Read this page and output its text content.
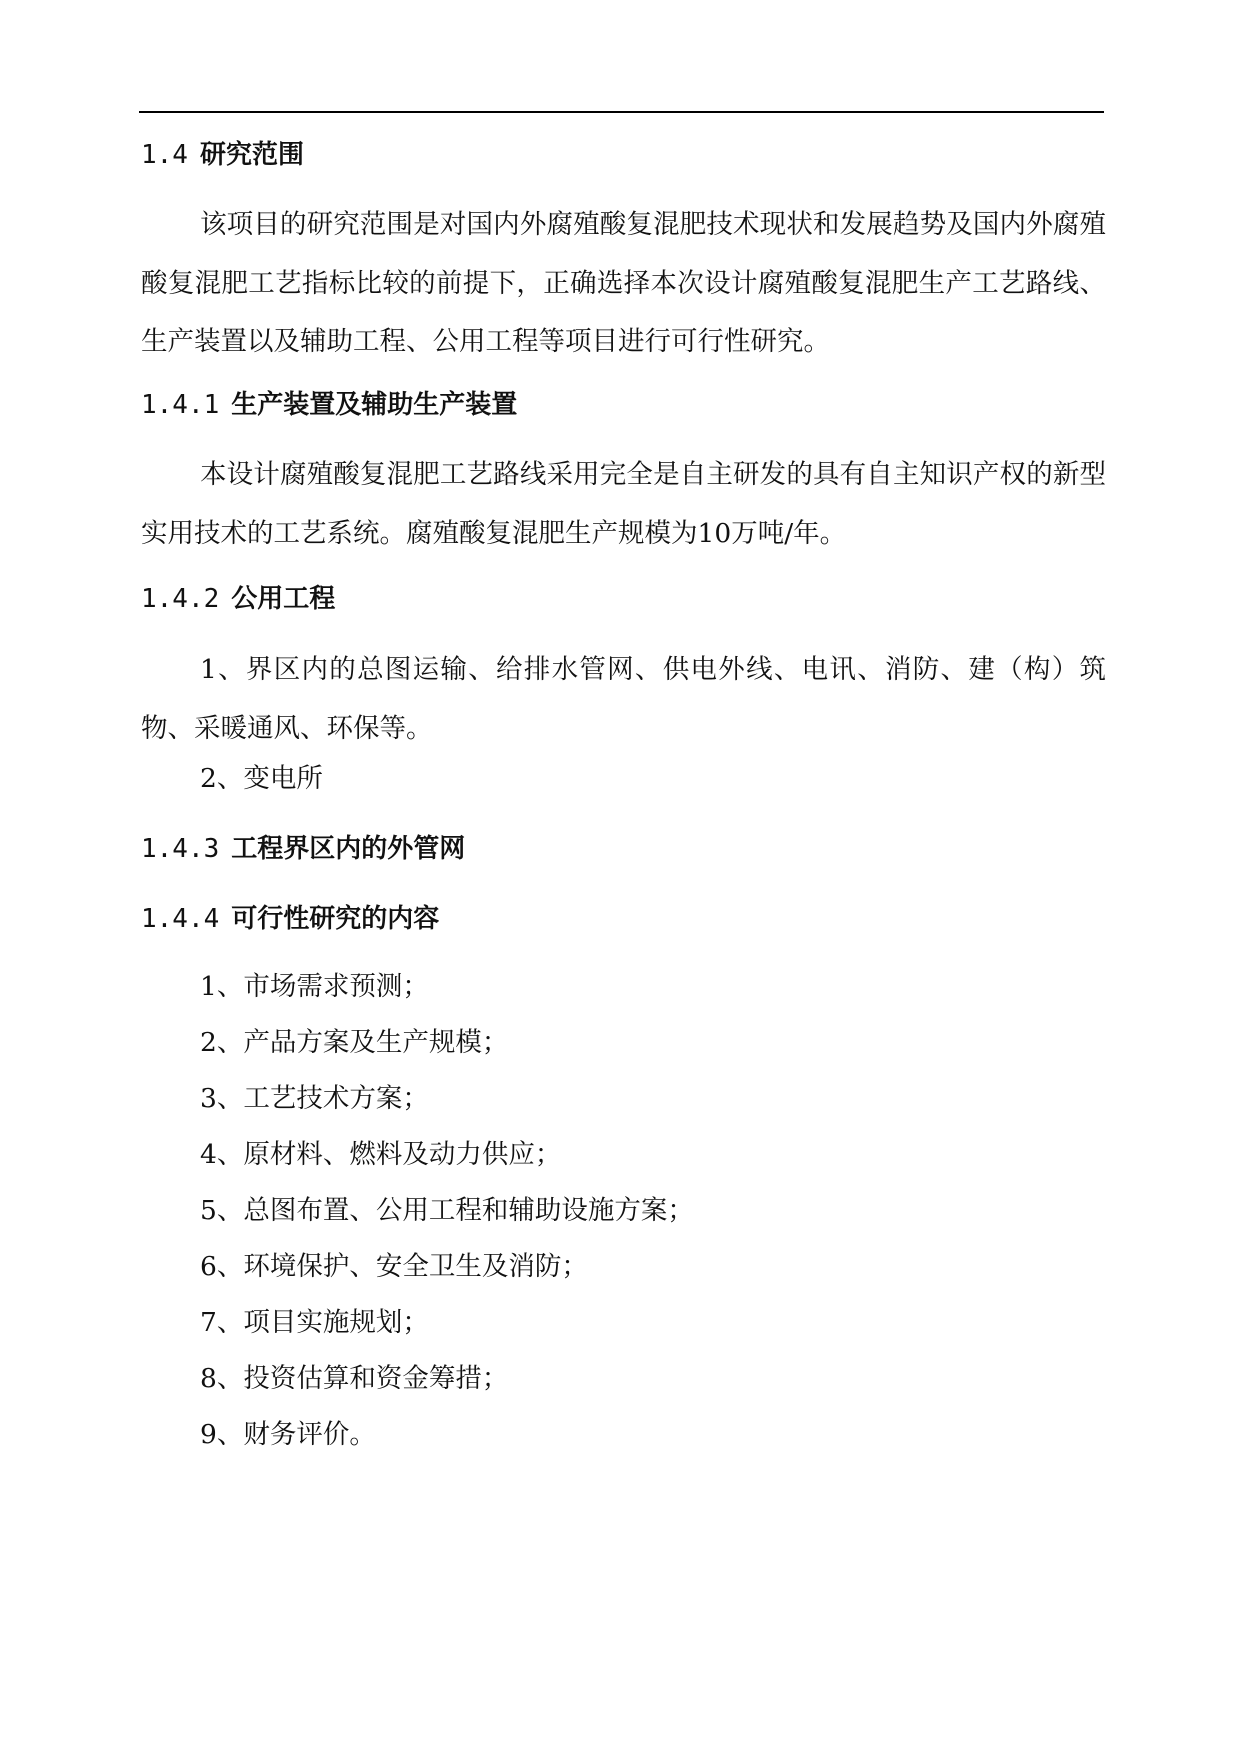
1.4 研究范围

该项目的研究范围是对国内外腐殖酸复混肥技术现状和发展趋势及国内外腐殖酸复混肥工艺指标比较的前提下，正确选择本次设计腐殖酸复混肥生产工艺路线、生产装置以及辅助工程、公用工程等项目进行可行性研究。

1.4.1 生产装置及辅助生产装置

本设计腐殖酸复混肥工艺路线采用完全是自主研发的具有自主知识产权的新型实用技术的工艺系统。腐殖酸复混肥生产规模为10万吨/年。

1.4.2 公用工程

1、界区内的总图运输、给排水管网、供电外线、电讯、消防、建（构）筑物、采暖通风、环保等。

2、变电所

1.4.3 工程界区内的外管网
1.4.4 可行性研究的内容

1、市场需求预测；

2、产品方案及生产规模；

3、工艺技术方案；

4、原材料、燃料及动力供应；

5、总图布置、公用工程和辅助设施方案；

6、环境保护、安全卫生及消防；

7、项目实施规划；

8、投资估算和资金筹措；

9、财务评价。
